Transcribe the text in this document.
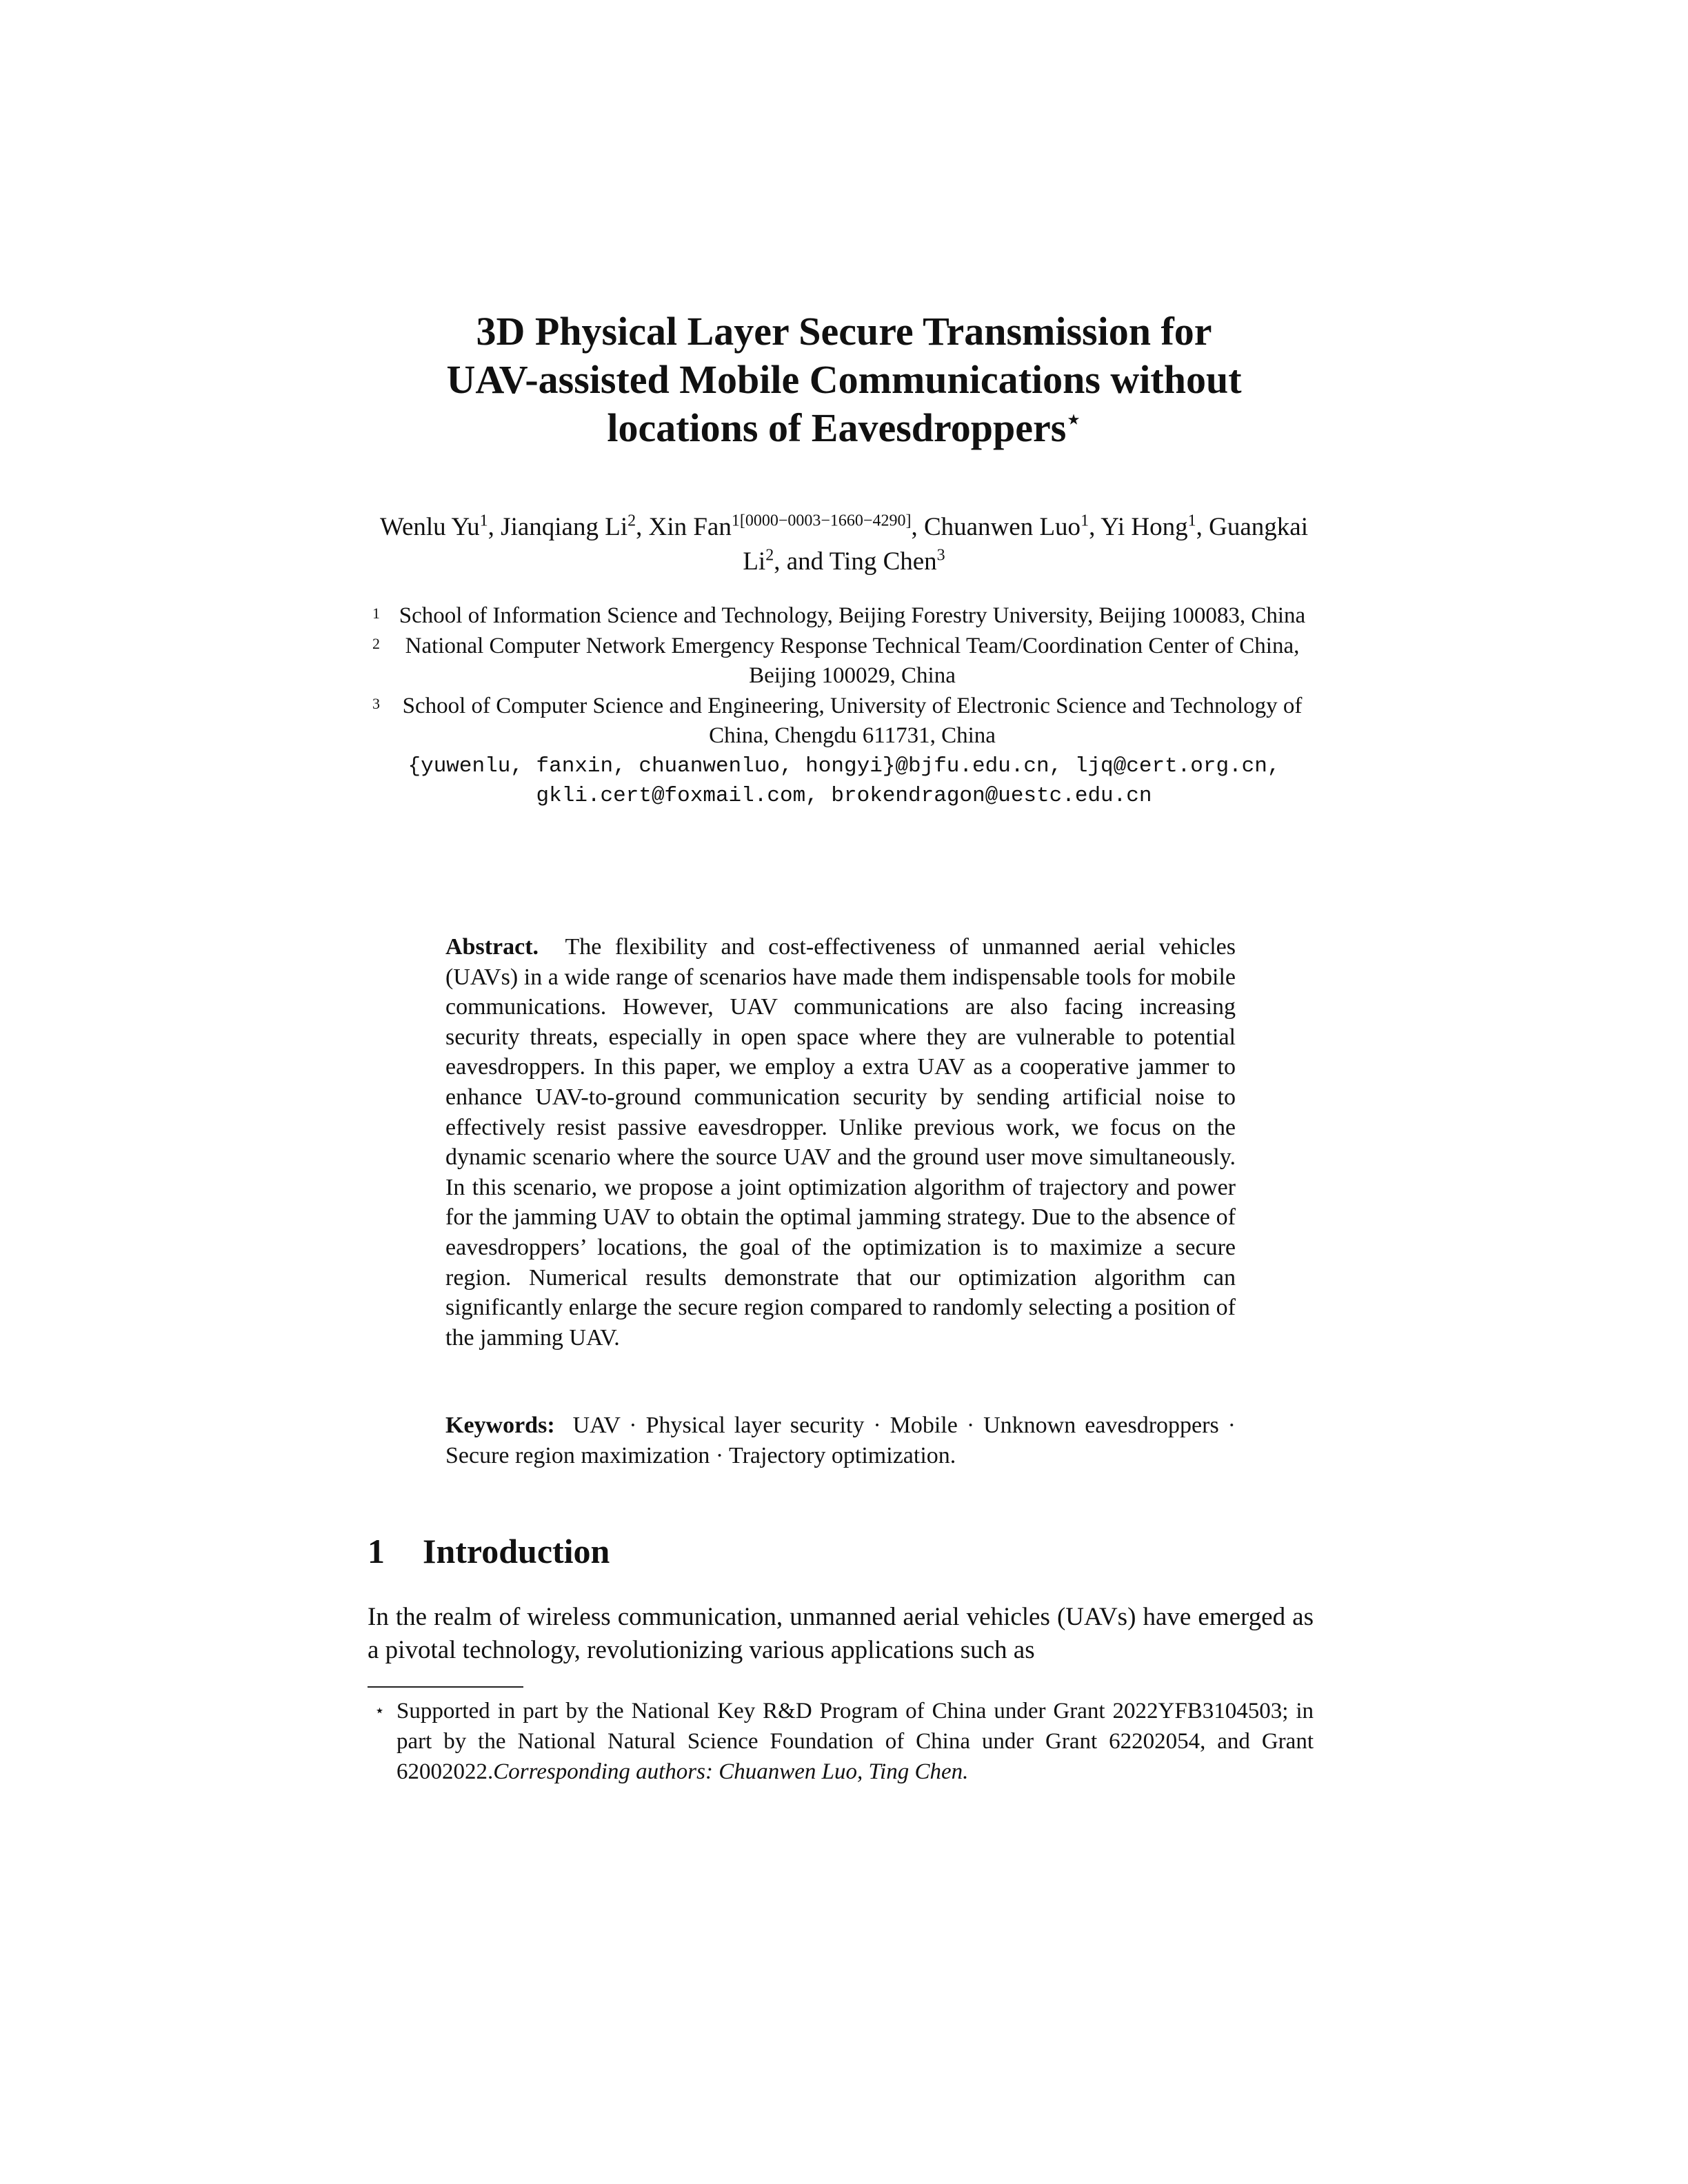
3D Physical Layer Secure Transmission for
UAV-assisted Mobile Communications without
locations of Eavesdroppers⋆
Wenlu Yu$^1$, Jianqiang Li$^2$, Xin Fan$^{1[0000-0003-1660-4290]}$, Chuanwen Luo$^1$, Yi Hong$^1$, Guangkai Li$^2$, and Ting Chen$^3$
1 School of Information Science and Technology, Beijing Forestry University, Beijing 100083, China
2 National Computer Network Emergency Response Technical Team/Coordination Center of China, Beijing 100029, China
3 School of Computer Science and Engineering, University of Electronic Science and Technology of China, Chengdu 611731, China
{yuwenlu, fanxin, chuanwenluo, hongyi}@bjfu.edu.cn, ljq@cert.org.cn, gkli.cert@foxmail.com, brokendragon@uestc.edu.cn
Abstract. The flexibility and cost-effectiveness of unmanned aerial vehicles (UAVs) in a wide range of scenarios have made them indispensable tools for mobile communications. However, UAV communications are also facing increasing security threats, especially in open space where they are vulnerable to potential eavesdroppers. In this paper, we employ a extra UAV as a cooperative jammer to enhance UAV-to-ground communication security by sending artificial noise to effectively resist passive eavesdropper. Unlike previous work, we focus on the dynamic scenario where the source UAV and the ground user move simultaneously. In this scenario, we propose a joint optimization algorithm of trajectory and power for the jamming UAV to obtain the optimal jamming strategy. Due to the absence of eavesdroppers’ locations, the goal of the optimization is to maximize a secure region. Numerical results demonstrate that our optimization algorithm can significantly enlarge the secure region compared to randomly selecting a position of the jamming UAV.
Keywords: UAV · Physical layer security · Mobile · Unknown eavesdroppers · Secure region maximization · Trajectory optimization.
1 Introduction
In the realm of wireless communication, unmanned aerial vehicles (UAVs) have emerged as a pivotal technology, revolutionizing various applications such as
⋆ Supported in part by the National Key R&D Program of China under Grant 2022YFB3104503; in part by the National Natural Science Foundation of China under Grant 62202054, and Grant 62002022.Corresponding authors: Chuanwen Luo, Ting Chen.
